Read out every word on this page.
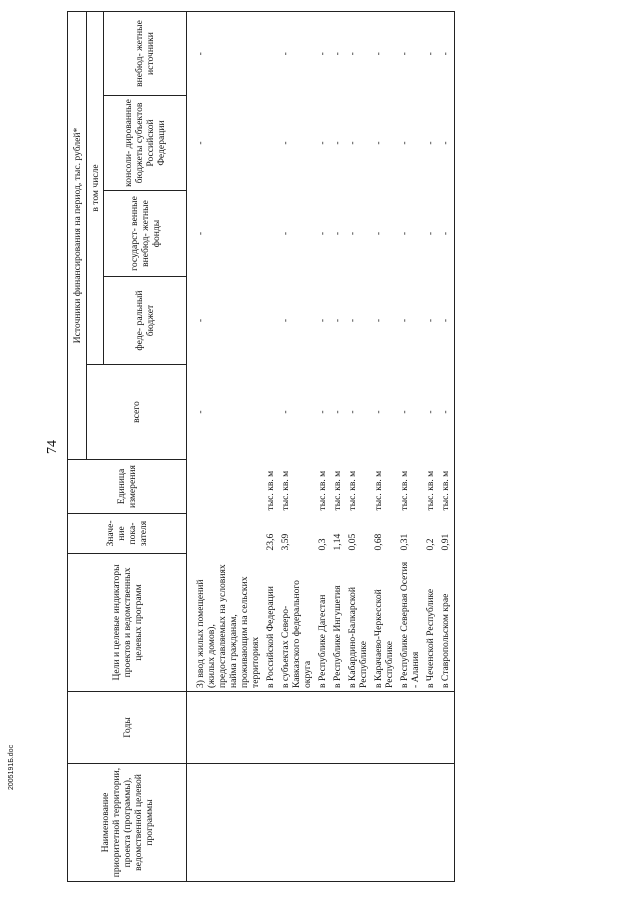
74
Наименование приоритетной территории, проекта (программы), ведомственной целевой программы	Годы	Цели и целевые индикаторы проектов и ведомственных целевых программ	Значе- ние пока- зателя	Единица измерения	Источники финансирования на период, тыс. рублей*				
					всего	в том числе			
						феде- ральный бюджет	государст- венные внебюд- жетные фонды	консоли- дированные бюджеты субъектов Российской Федерации	внебюд- жетные источники
		3) ввод жилых помещений (жилых домов), предоставляемых на условиях найма гражданам, проживающим на сельских территориях			-	-	-	-	-
		в Российской Федерации	23,6	тыс. кв. м					
		в субъектах Северо-Кавказского федерального округа	3,59	тыс. кв. м	-	-	-	-	-
		в Республике Дагестан	0,3	тыс. кв. м	-	-	-	-	-
		в Республике Ингушетия	1,14	тыс. кв. м	-	-	-	-	-
		в Кабардино-Балкарской Республике	0,05	тыс. кв. м	-	-	-	-	-
		в Карачаево-Черкесской Республике	0,68	тыс. кв. м	-	-	-	-	-
		в Республике Северная Осетия - Алания	0,31	тыс. кв. м	-	-	-	-	-
		в Чеченской Республике	0,2	тыс. кв. м	-	-	-	-	-
		в Ставропольском крае	0,91	тыс. кв. м	-	-	-	-	-
2005191Б.doc
